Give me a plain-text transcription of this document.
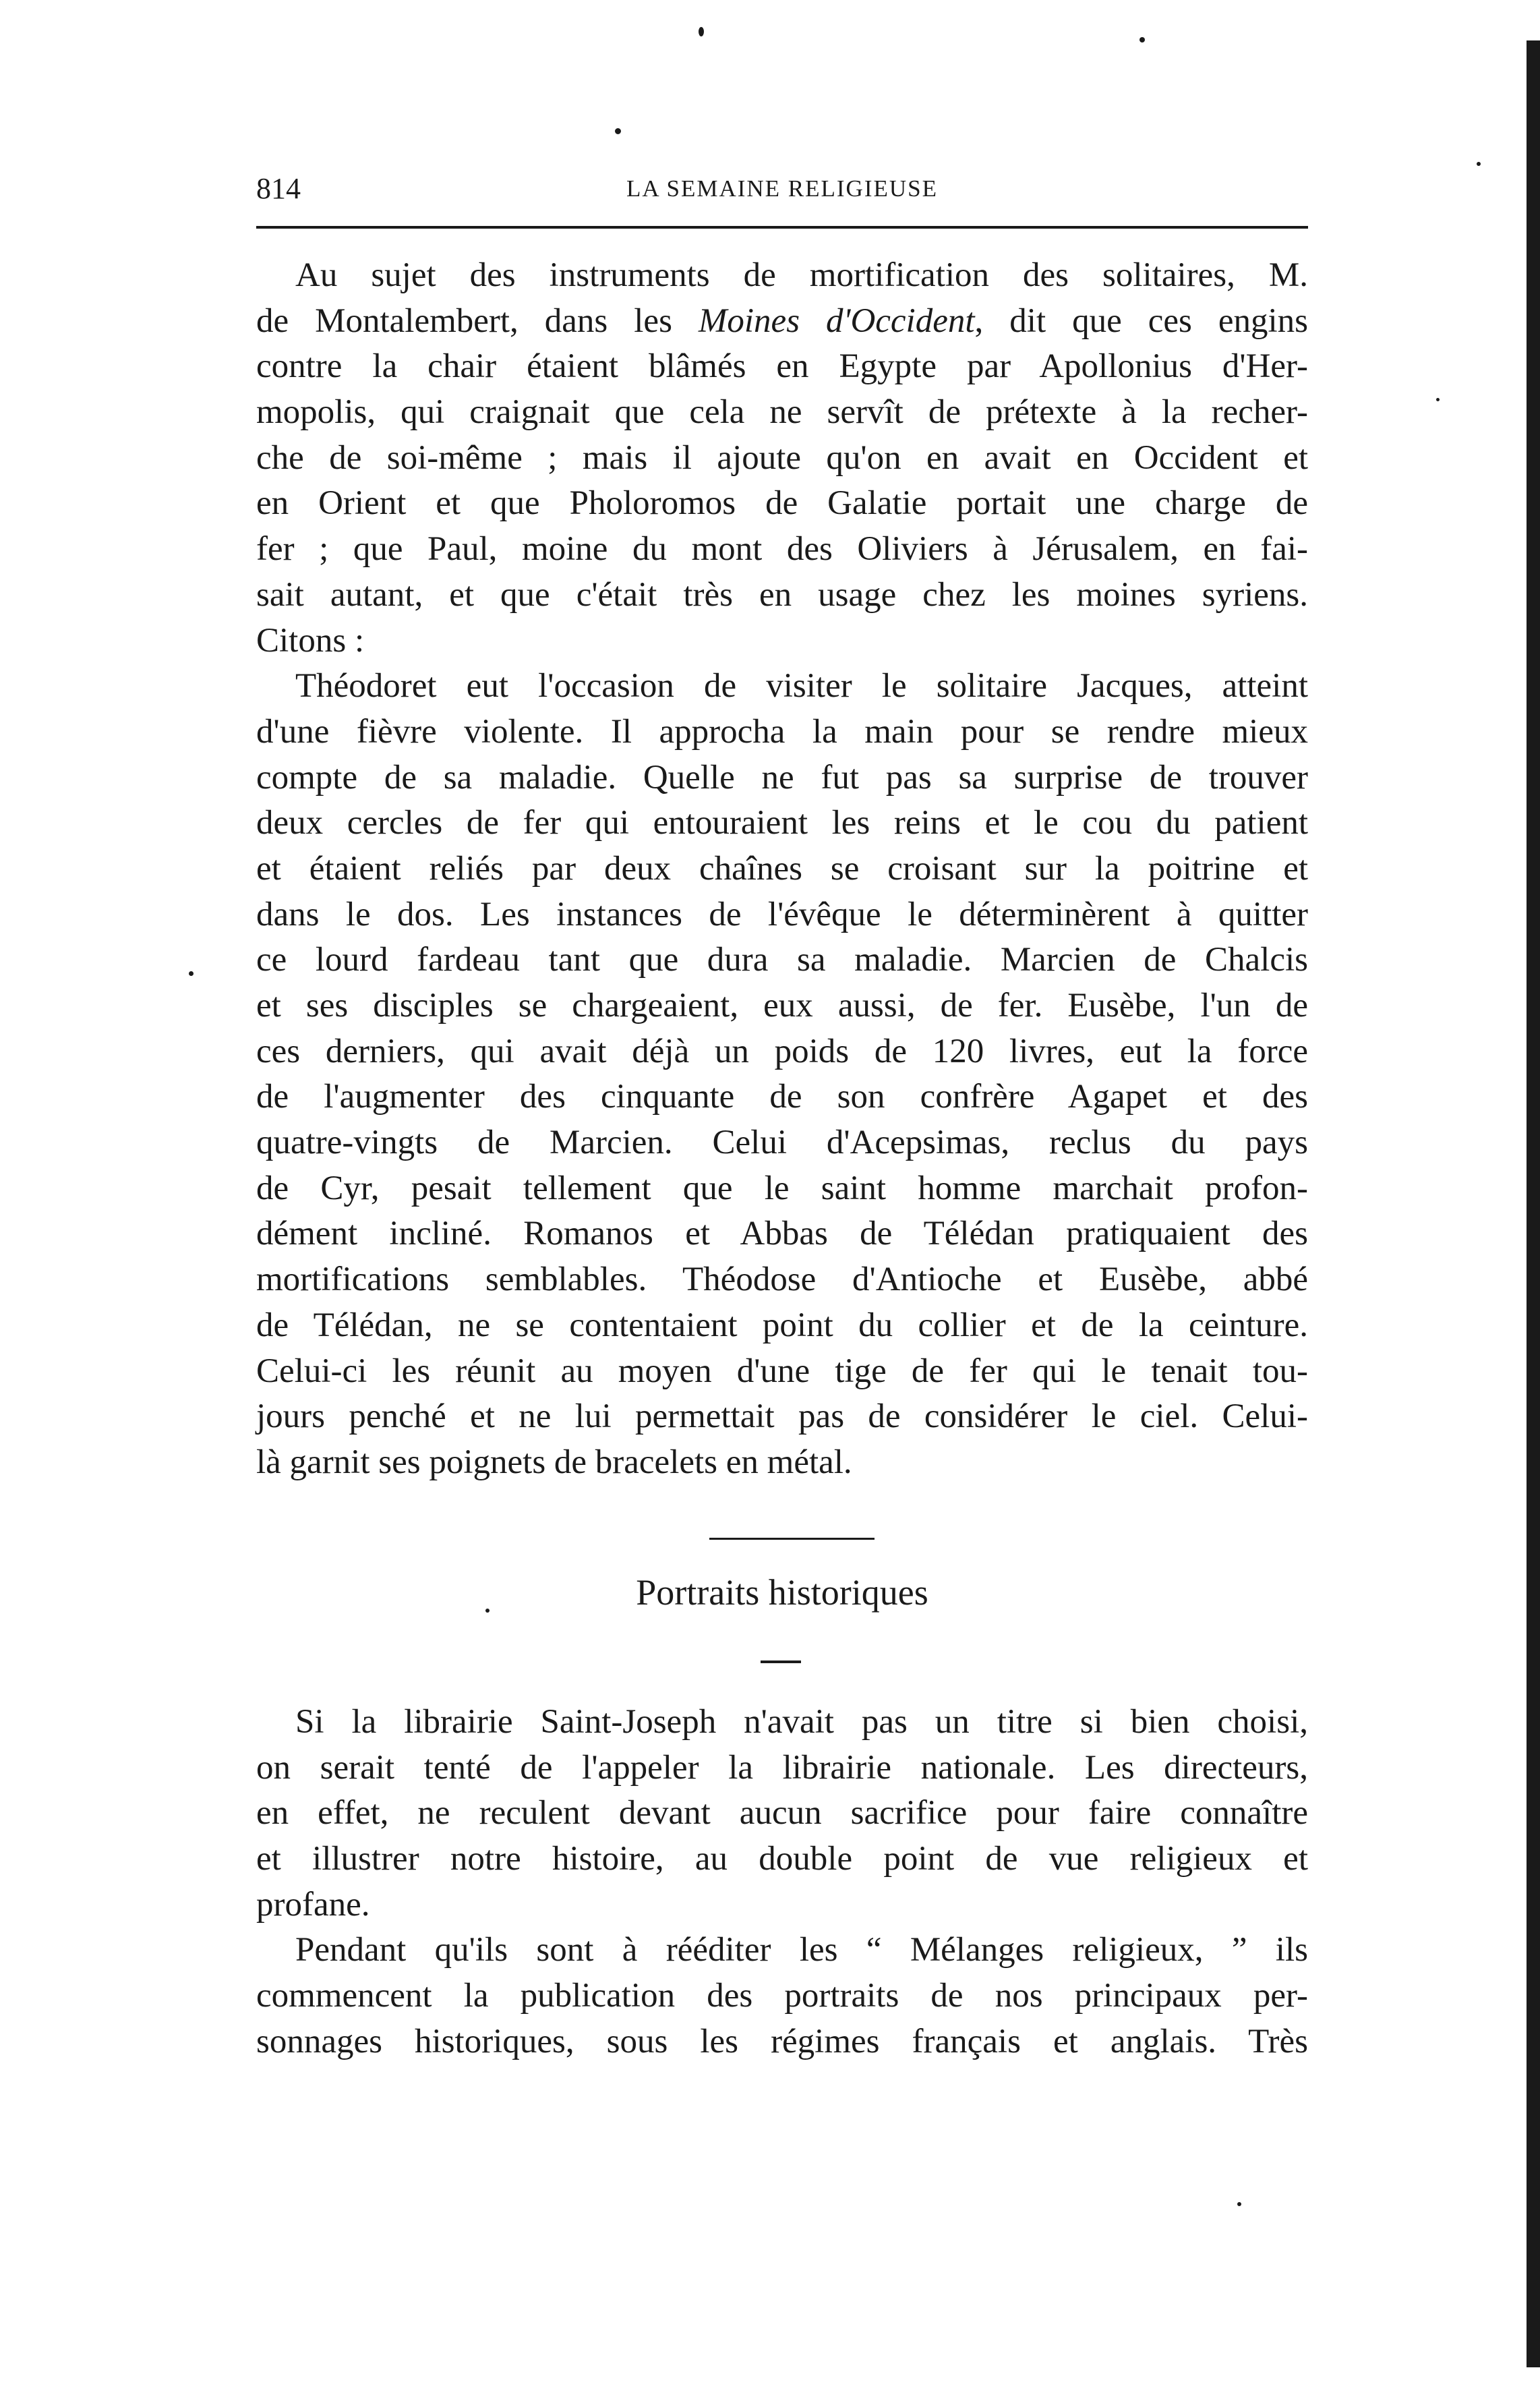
814	LA SEMAINE RELIGIEUSE
Au sujet des instruments de mortification des solitaires, M.
de Montalembert, dans les Moines d'Occident, dit que ces engins
contre la chair étaient blâmés en Egypte par Apollonius d'Her-
mopolis, qui craignait que cela ne servît de prétexte à la recher-
che de soi-même ; mais il ajoute qu'on en avait en Occident et
en Orient et que Pholoromos de Galatie portait une charge de
fer ; que Paul, moine du mont des Oliviers à Jérusalem, en fai-
sait autant, et que c'était très en usage chez les moines syriens.
Citons :
Théodoret eut l'occasion de visiter le solitaire Jacques, atteint
d'une fièvre violente. Il approcha la main pour se rendre mieux
compte de sa maladie. Quelle ne fut pas sa surprise de trouver
deux cercles de fer qui entouraient les reins et le cou du patient
et étaient reliés par deux chaînes se croisant sur la poitrine et
dans le dos. Les instances de l'évêque le déterminèrent à quitter
ce lourd fardeau tant que dura sa maladie. Marcien de Chalcis
et ses disciples se chargeaient, eux aussi, de fer. Eusèbe, l'un de
ces derniers, qui avait déjà un poids de 120 livres, eut la force
de l'augmenter des cinquante de son confrère Agapet et des
quatre-vingts de Marcien. Celui d'Acepsimas, reclus du pays
de Cyr, pesait tellement que le saint homme marchait profon-
dément incliné. Romanos et Abbas de Télédan pratiquaient des
mortifications semblables. Théodose d'Antioche et Eusèbe, abbé
de Télédan, ne se contentaient point du collier et de la ceinture.
Celui-ci les réunit au moyen d'une tige de fer qui le tenait tou-
jours penché et ne lui permettait pas de considérer le ciel. Celui-
là garnit ses poignets de bracelets en métal.
Portraits historiques
Si la librairie Saint-Joseph n'avait pas un titre si bien choisi,
on serait tenté de l'appeler la librairie nationale. Les directeurs,
en effet, ne reculent devant aucun sacrifice pour faire connaître
et illustrer notre histoire, au double point de vue religieux et
profane.
Pendant qu'ils sont à rééditer les “ Mélanges religieux, ” ils
commencent la publication des portraits de nos principaux per-
sonnages historiques, sous les régimes français et anglais. Très
